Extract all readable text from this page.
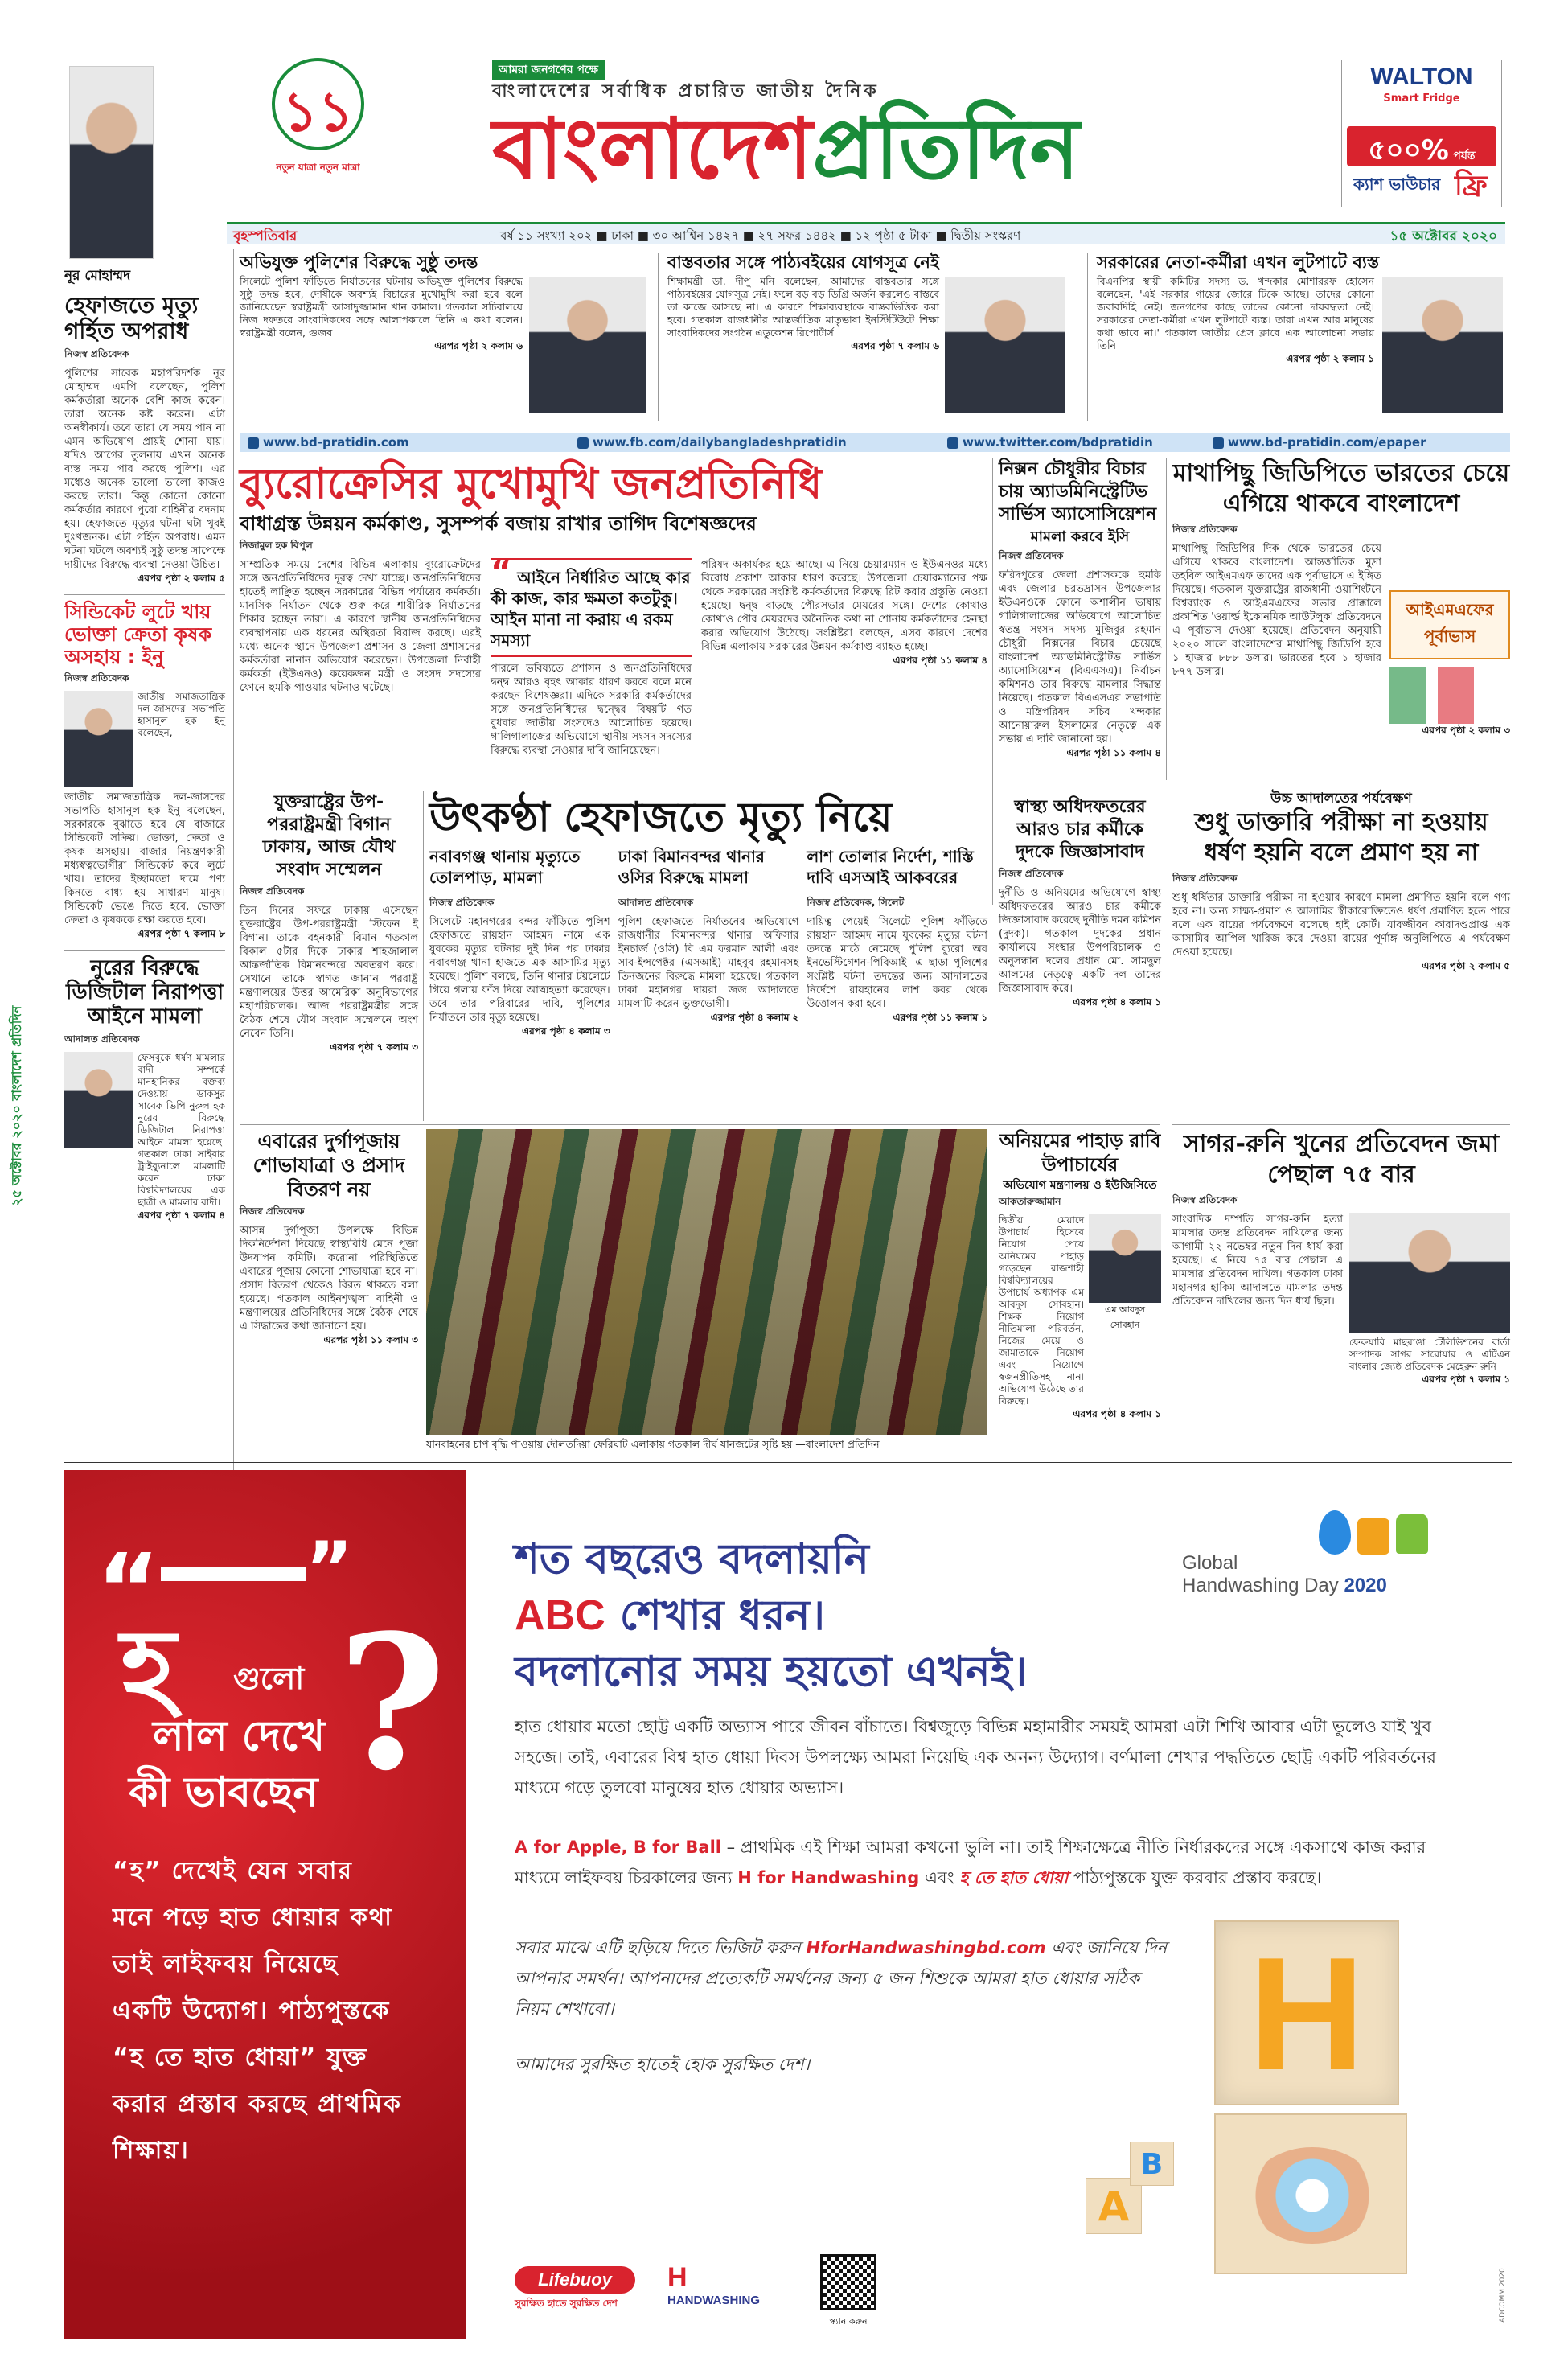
১১
নতুন যাত্রা নতুন মাত্রা
আমরা জনগণের পক্ষে
বাংলাদেশের সর্বাধিক প্রচারিত জাতীয় দৈনিক
বাংলাদেশপ্রতিদিন
WALTON
Smart Fridge
৫০০% পর্যন্ত
ক্যাশ ভাউচার ফ্রি
বৃহস্পতিবার	বর্ষ ১১ সংখ্যা ২০২ ■ ঢাকা ■ ৩০ আশ্বিন ১৪২৭ ■ ২৭ সফর ১৪৪২ ■ ১২ পৃষ্ঠা ৫ টাকা ■ দ্বিতীয় সংস্করণ	১৫ অক্টোবর ২০২০
নূর মোহাম্মদ
হেফাজতে মৃত্যু গর্হিত অপরাধ
নিজস্ব প্রতিবেদক

পুলিশের সাবেক মহাপরিদর্শক নূর মোহাম্মদ এমপি বলেছেন, পুলিশ কর্মকর্তারা অনেক বেশি কাজ করেন। তারা অনেক কষ্ট করেন। এটা অনস্বীকার্য। তবে তারা যে সময় পান না এমন অভিযোগ প্রায়ই শোনা যায়। যদিও আগের তুলনায় এখন অনেক ব্যস্ত সময় পার করছে পুলিশ। এর মধ্যেও অনেক ভালো ভালো কাজও করছে তারা। কিন্তু কোনো কোনো কর্মকর্তার কারণে পুরো বাহিনীর বদনাম হয়। হেফাজতে মৃত্যুর ঘটনা ঘটা খুবই দুঃখজনক। এটা গর্হিত অপরাধ। এমন ঘটনা ঘটলে অবশ্যই সুষ্ঠু তদন্ত সাপেক্ষে দায়ীদের বিরুদ্ধে ব্যবস্থা নেওয়া উচিত।

এরপর পৃষ্ঠা ২ কলাম ৫
সিন্ডিকেট লুটে খায় ভোক্তা ক্রেতা কৃষক অসহায় : ইনু
নিজস্ব প্রতিবেদক

জাতীয় সমাজতান্ত্রিক দল-জাসদের সভাপতি হাসানুল হক ইনু বলেছেন,

জাতীয় সমাজতান্ত্রিক দল-জাসদের সভাপতি হাসানুল হক ইনু বলেছেন, সরকারকে বুঝাতে হবে যে বাজারে সিন্ডিকেট সক্রিয়। ভোক্তা, ক্রেতা ও কৃষক অসহায়। বাজার নিয়ন্ত্রণকারী মধ্যস্বত্বভোগীরা সিন্ডিকেট করে লুটে খায়। তাদের ইচ্ছামতো দামে পণ্য কিনতে বাধ্য হয় সাধারণ মানুষ। সিন্ডিকেট ভেঙে দিতে হবে, ভোক্তা ক্রেতা ও কৃষককে রক্ষা করতে হবে।

এরপর পৃষ্ঠা ৭ কলাম ৮
নুরের বিরুদ্ধে ডিজিটাল নিরাপত্তা আইনে মামলা
আদালত প্রতিবেদক

ফেসবুকে ধর্ষণ মামলার বাদী সম্পর্কে মানহানিকর বক্তব্য দেওয়ায় ডাকসুর সাবেক ভিপি নুরুল হক নুরের বিরুদ্ধে ডিজিটাল নিরাপত্তা আইনে মামলা হয়েছে। গতকাল ঢাকা সাইবার ট্রাইব্যুনালে মামলাটি করেন ঢাকা বিশ্ববিদ্যালয়ের এক ছাত্রী ও মামলার বাদী।

এরপর পৃষ্ঠা ৭ কলাম ৪
২৫ অক্টোবর ২০২০ বাংলাদেশ প্রতিদিন
অভিযুক্ত পুলিশের বিরুদ্ধে সুষ্ঠু তদন্ত

সিলেটে পুলিশ ফাঁড়িতে নির্যাতনের ঘটনায় অভিযুক্ত পুলিশের বিরুদ্ধে সুষ্ঠু তদন্ত হবে, দোষীকে অবশ্যই বিচারের মুখোমুখি করা হবে বলে জানিয়েছেন স্বরাষ্ট্রমন্ত্রী আসাদুজ্জামান খান কামাল। গতকাল সচিবালয়ে নিজ দফতরে সাংবাদিকদের সঙ্গে আলাপকালে তিনি এ কথা বলেন। স্বরাষ্ট্রমন্ত্রী বলেন, গুজব

এরপর পৃষ্ঠা ২ কলাম ৬
বাস্তবতার সঙ্গে পাঠ্যবইয়ের যোগসূত্র নেই

শিক্ষামন্ত্রী ডা. দীপু মনি বলেছেন, আমাদের বাস্তবতার সঙ্গে পাঠ্যবইয়ের যোগসূত্র নেই। ফলে বড় বড় ডিগ্রি অর্জন করলেও বাস্তবে তা কাজে আসছে না। এ কারণে শিক্ষাব্যবস্থাকে বাস্তবভিত্তিক করা হবে। গতকাল রাজধানীর আন্তর্জাতিক মাতৃভাষা ইনস্টিটিউটে শিক্ষা সাংবাদিকদের সংগঠন এডুকেশন রিপোর্টার্স

এরপর পৃষ্ঠা ৭ কলাম ৬
সরকারের নেতা-কর্মীরা এখন লুটপাটে ব্যস্ত

বিএনপির স্থায়ী কমিটির সদস্য ড. খন্দকার মোশাররফ হোসেন বলেছেন, 'এই সরকার গায়ের জোরে টিকে আছে। তাদের কোনো জবাবদিহি নেই। জনগণের কাছে তাদের কোনো দায়বদ্ধতা নেই। সরকারের নেতা-কর্মীরা এখন লুটপাটে ব্যস্ত। তারা এখন আর মানুষের কথা ভাবে না।' গতকাল জাতীয় প্রেস ক্লাবে এক আলোচনা সভায় তিনি

এরপর পৃষ্ঠা ২ কলাম ১
www.bd-pratidin.com	www.fb.com/dailybangladeshpratidin	www.twitter.com/bdpratidin	www.bd-pratidin.com/epaper
ব্যুরোক্রেসির মুখোমুখি জনপ্রতিনিধি
বাধাগ্রস্ত উন্নয়ন কর্মকাণ্ড, সুসম্পর্ক বজায় রাখার তাগিদ বিশেষজ্ঞদের
নিজামুল হক বিপুল

সাম্প্রতিক সময়ে দেশের বিভিন্ন এলাকায় ব্যুরোক্রেটদের সঙ্গে জনপ্রতিনিধিদের দূরত্ব দেখা যাচ্ছে। জনপ্রতিনিধিদের হাতেই লাঞ্ছিত হচ্ছেন সরকারের বিভিন্ন পর্যায়ের কর্মকর্তা। মানসিক নির্যাতন থেকে শুরু করে শারীরিক নির্যাতনের শিকার হচ্ছেন তারা। এ কারণে স্থানীয় জনপ্রতিনিধিদের ব্যবস্থাপনায় এক ধরনের অস্থিরতা বিরাজ করছে। এরই মধ্যে অনেক স্থানে উপজেলা প্রশাসন ও জেলা প্রশাসনের কর্মকর্তারা নানান অভিযোগ করেছেন। উপজেলা নির্বাহী কর্মকর্তা (ইউএনও) কয়েকজন মন্ত্রী ও সংসদ সদস্যের ফোনে হুমকি পাওয়ার ঘটনাও ঘটেছে।

“ আইনে নির্ধারিত আছে কার কী কাজ, কার ক্ষমতা কতটুকু। আইন মানা না করায় এ রকম সমস্যা

পারলে ভবিষ্যতে প্রশাসন ও জনপ্রতিনিধিদের দ্বন্দ্ব আরও বৃহৎ আকার ধারণ করবে বলে মনে করছেন বিশেষজ্ঞরা। এদিকে সরকারি কর্মকর্তাদের সঙ্গে জনপ্রতিনিধিদের দ্বন্দ্বের বিষয়টি গত বুধবার জাতীয় সংসদেও আলোচিত হয়েছে। গালিগালাজের অভিযোগে স্থানীয় সংসদ সদস্যের বিরুদ্ধে ব্যবস্থা নেওয়ার দাবি জানিয়েছেন।

পরিষদ অকার্যকর হয়ে আছে। এ নিয়ে চেয়ারম্যান ও ইউএনওর মধ্যে বিরোধ প্রকাশ্য আকার ধারণ করেছে। উপজেলা চেয়ারম্যানের পক্ষ থেকে সরকারের সংশ্লিষ্ট কর্মকর্তাদের বিরুদ্ধে রিট করার প্রস্তুতি নেওয়া হয়েছে। দ্বন্দ্ব বাড়ছে পৌরসভার মেয়রের সঙ্গে। দেশের কোথাও কোথাও পৌর মেয়রদের অনৈতিক কথা না শোনায় কর্মকর্তাদের হেনস্থা করার অভিযোগ উঠেছে। সংশ্লিষ্টরা বলছেন, এসব কারণে দেশের বিভিন্ন এলাকায় সরকারের উন্নয়ন কর্মকাণ্ড ব্যাহত হচ্ছে।

এরপর পৃষ্ঠা ১১ কলাম ৪
নিক্সন চৌধুরীর বিচার চায় অ্যাডমিনিস্ট্রেটিভ সার্ভিস অ্যাসোসিয়েশন
মামলা করবে ইসি
নিজস্ব প্রতিবেদক

ফরিদপুরের জেলা প্রশাসককে হুমকি এবং জেলার চরভদ্রাসন উপজেলার ইউএনওকে ফোনে অশালীন ভাষায় গালিগালাজের অভিযোগে আলোচিত স্বতন্ত্র সংসদ সদস্য মুজিবুর রহমান চৌধুরী নিক্সনের বিচার চেয়েছে বাংলাদেশ অ্যাডমিনিস্ট্রেটিভ সার্ভিস অ্যাসোসিয়েশন (বিএএসএ)। নির্বাচন কমিশনও তার বিরুদ্ধে মামলার সিদ্ধান্ত নিয়েছে। গতকাল বিএএসএর সভাপতি ও মন্ত্রিপরিষদ সচিব খন্দকার আনোয়ারুল ইসলামের নেতৃত্বে এক সভায় এ দাবি জানানো হয়।

এরপর পৃষ্ঠা ১১ কলাম ৪
মাথাপিছু জিডিপিতে ভারতের চেয়ে এগিয়ে থাকবে বাংলাদেশ
নিজস্ব প্রতিবেদক

মাথাপিছু জিডিপির দিক থেকে ভারতের চেয়ে এগিয়ে থাকবে বাংলাদেশ। আন্তর্জাতিক মুদ্রা তহবিল আইএমএফ তাদের এক পূর্বাভাসে এ ইঙ্গিত দিয়েছে। গতকাল যুক্তরাষ্ট্রের রাজধানী ওয়াশিংটনে বিশ্বব্যাংক ও আইএমএফের সভার প্রাক্কালে প্রকাশিত 'ওয়ার্ল্ড ইকোনমিক আউটলুক' প্রতিবেদনে এ পূর্বাভাস দেওয়া হয়েছে। প্রতিবেদন অনুযায়ী ২০২০ সালে বাংলাদেশের মাথাপিছু জিডিপি হবে ১ হাজার ৮৮৮ ডলার। ভারতের হবে ১ হাজার ৮৭৭ ডলার।

আইএমএফের পূর্বাভাস
এরপর পৃষ্ঠা ২ কলাম ৩
যুক্তরাষ্ট্রের উপ-পররাষ্ট্রমন্ত্রী বিগান ঢাকায়, আজ যৌথ সংবাদ সম্মেলন
নিজস্ব প্রতিবেদক

তিন দিনের সফরে ঢাকায় এসেছেন যুক্তরাষ্ট্রের উপ-পররাষ্ট্রমন্ত্রী স্টিফেন ই বিগান। তাকে বহনকারী বিমান গতকাল বিকাল ৫টার দিকে ঢাকার শাহজালাল আন্তর্জাতিক বিমানবন্দরে অবতরণ করে। সেখানে তাকে স্বাগত জানান পররাষ্ট্র মন্ত্রণালয়ের উত্তর আমেরিকা অনুবিভাগের মহাপরিচালক। আজ পররাষ্ট্রমন্ত্রীর সঙ্গে বৈঠক শেষে যৌথ সংবাদ সম্মেলনে অংশ নেবেন তিনি।

এরপর পৃষ্ঠা ৭ কলাম ৩
উৎকণ্ঠা হেফাজতে মৃত্যু নিয়ে
নবাবগঞ্জ থানায় মৃত্যুতে তোলপাড়, মামলা
ঢাকা বিমানবন্দর থানার ওসির বিরুদ্ধে মামলা
লাশ তোলার নির্দেশ, শাস্তি দাবি এসআই আকবরের
নিজস্ব প্রতিবেদক

সিলেটে মহানগরের বন্দর ফাঁড়িতে পুলিশ হেফাজতে রায়হান আহমদ নামে এক যুবকের মৃত্যুর ঘটনার দুই দিন পর ঢাকার নবাবগঞ্জ থানা হাজতে এক আসামির মৃত্যু হয়েছে। পুলিশ বলছে, তিনি থানার টয়লেটে গিয়ে গলায় ফাঁস দিয়ে আত্মহত্যা করেছেন। তবে তার পরিবারের দাবি, পুলিশের নির্যাতনে তার মৃত্যু হয়েছে।

এরপর পৃষ্ঠা ৪ কলাম ৩
আদালত প্রতিবেদক

পুলিশ হেফাজতে নির্যাতনের অভিযোগে রাজধানীর বিমানবন্দর থানার অফিসার ইনচার্জ (ওসি) বি এম ফরমান আলী এবং সাব-ইন্সপেক্টর (এসআই) মাহবুব রহমানসহ তিনজনের বিরুদ্ধে মামলা হয়েছে। গতকাল ঢাকা মহানগর দায়রা জজ আদালতে মামলাটি করেন ভুক্তভোগী।

এরপর পৃষ্ঠা ৪ কলাম ২
নিজস্ব প্রতিবেদক, সিলেট

দায়িত্ব পেয়েই সিলেটে পুলিশ ফাঁড়িতে রায়হান আহমদ নামে যুবকের মৃত্যুর ঘটনা তদন্তে মাঠে নেমেছে পুলিশ ব্যুরো অব ইনভেস্টিগেশন-পিবিআই। এ ছাড়া পুলিশের সংশ্লিষ্ট ঘটনা তদন্তের জন্য আদালতের নির্দেশে রায়হানের লাশ কবর থেকে উত্তোলন করা হবে।

এরপর পৃষ্ঠা ১১ কলাম ১
স্বাস্থ্য অধিদফতরের আরও চার কর্মীকে দুদকে জিজ্ঞাসাবাদ
নিজস্ব প্রতিবেদক

দুর্নীতি ও অনিয়মের অভিযোগে স্বাস্থ্য অধিদফতরের আরও চার কর্মীকে জিজ্ঞাসাবাদ করেছে দুর্নীতি দমন কমিশন (দুদক)। গতকাল দুদকের প্রধান কার্যালয়ে সংস্থার উপপরিচালক ও অনুসন্ধান দলের প্রধান মো. সামছুল আলমের নেতৃত্বে একটি দল তাদের জিজ্ঞাসাবাদ করে।

এরপর পৃষ্ঠা ৪ কলাম ১
উচ্চ আদালতের পর্যবেক্ষণ
শুধু ডাক্তারি পরীক্ষা না হওয়ায় ধর্ষণ হয়নি বলে প্রমাণ হয় না
নিজস্ব প্রতিবেদক

শুধু ধর্ষিতার ডাক্তারি পরীক্ষা না হওয়ার কারণে মামলা প্রমাণিত হয়নি বলে গণ্য হবে না। অন্য সাক্ষ্য-প্রমাণ ও আসামির স্বীকারোক্তিতেও ধর্ষণ প্রমাণিত হতে পারে বলে এক রায়ের পর্যবেক্ষণে বলেছে হাই কোর্ট। যাবজ্জীবন কারাদণ্ডপ্রাপ্ত এক আসামির আপিল খারিজ করে দেওয়া রায়ের পূর্ণাঙ্গ অনুলিপিতে এ পর্যবেক্ষণ দেওয়া হয়েছে।

এরপর পৃষ্ঠা ২ কলাম ৫
এবারের দুর্গাপূজায় শোভাযাত্রা ও প্রসাদ বিতরণ নয়
নিজস্ব প্রতিবেদক

আসন্ন দুর্গাপূজা উপলক্ষে বিভিন্ন দিকনির্দেশনা দিয়েছে স্বাস্থ্যবিধি মেনে পূজা উদযাপন কমিটি। করোনা পরিস্থিতিতে এবারের পূজায় কোনো শোভাযাত্রা হবে না। প্রসাদ বিতরণ থেকেও বিরত থাকতে বলা হয়েছে। গতকাল আইনশৃঙ্খলা বাহিনী ও মন্ত্রণালয়ের প্রতিনিধিদের সঙ্গে বৈঠক শেষে এ সিদ্ধান্তের কথা জানানো হয়।

এরপর পৃষ্ঠা ১১ কলাম ৩
যানবাহনের চাপ বৃদ্ধি পাওয়ায় দৌলতদিয়া ফেরিঘাট এলাকায় গতকাল দীর্ঘ যানজটের সৃষ্টি হয় —বাংলাদেশ প্রতিদিন
অনিয়মের পাহাড় রাবি উপাচার্যের
অভিযোগ মন্ত্রণালয় ও ইউজিসিতে
আকতারুজ্জামান

দ্বিতীয় মেয়াদে উপাচার্য হিসেবে নিয়োগ পেয়ে অনিয়মের পাহাড় গড়েছেন রাজশাহী বিশ্ববিদ্যালয়ের উপাচার্য অধ্যাপক এম আবদুস সোবহান। শিক্ষক নিয়োগ নীতিমালা পরিবর্তন, নিজের মেয়ে ও জামাতাকে নিয়োগ এবং নিয়োগে স্বজনপ্রীতিসহ নানা অভিযোগ উঠেছে তার বিরুদ্ধে।

এম আবদুস সোবহান
এরপর পৃষ্ঠা ৪ কলাম ১
সাগর-রুনি খুনের প্রতিবেদন জমা পেছাল ৭৫ বার
নিজস্ব প্রতিবেদক

সাংবাদিক দম্পতি সাগর-রুনি হত্যা মামলার তদন্ত প্রতিবেদন দাখিলের জন্য আগামী ২২ নভেম্বর নতুন দিন ধার্য করা হয়েছে। এ নিয়ে ৭৫ বার পেছাল এ মামলার প্রতিবেদন দাখিল। গতকাল ঢাকা মহানগর হাকিম আদালতে মামলার তদন্ত প্রতিবেদন দাখিলের জন্য দিন ধার্য ছিল।

ফেব্রুয়ারি মাছরাঙা টেলিভিশনের বার্তা সম্পাদক সাগর সারোয়ার ও এটিএন বাংলার জ্যেষ্ঠ প্রতিবেদক মেহেরুন রুনি

এরপর পৃষ্ঠা ৭ কলাম ১
“ ”
হ গুলো
লাল দেখে
কী ভাবছেন ?
“হ” দেখেই যেন সবার মনে পড়ে হাত ধোয়ার কথা তাই লাইফবয় নিয়েছে একটি উদ্যোগ। পাঠ্যপুস্তকে “হ তে হাত ধোয়া” যুক্ত করার প্রস্তাব করছে প্রাথমিক শিক্ষায়।
শত বছরেও বদলায়নি
ABC শেখার ধরন।
বদলানোর সময় হয়তো এখনই।
Global
Handwashing Day 2020
হাত ধোয়ার মতো ছোট্ট একটি অভ্যাস পারে জীবন বাঁচাতে। বিশ্বজুড়ে বিভিন্ন মহামারীর সময়ই আমরা এটা শিখি আবার এটা ভুলেও যাই খুব সহজে। তাই, এবারের বিশ্ব হাত ধোয়া দিবস উপলক্ষ্যে আমরা নিয়েছি এক অনন্য উদ্যোগ। বর্ণমালা শেখার পদ্ধতিতে ছোট্ট একটি পরিবর্তনের মাধ্যমে গড়ে তুলবো মানুষের হাত ধোয়ার অভ্যাস।
A for Apple, B for Ball – প্রাথমিক এই শিক্ষা আমরা কখনো ভুলি না। তাই শিক্ষাক্ষেত্রে নীতি নির্ধারকদের সঙ্গে একসাথে কাজ করার মাধ্যমে লাইফবয় চিরকালের জন্য H for Handwashing এবং হ তে হাত ধোয়া পাঠ্যপুস্তকে যুক্ত করবার প্রস্তাব করছে।
সবার মাঝে এটি ছড়িয়ে দিতে ভিজিট করুন HforHandwashingbd.com এবং জানিয়ে দিন আপনার সমর্থন। আপনাদের প্রত্যেকটি সমর্থনের জন্য ৫ জন শিশুকে আমরা হাত ধোয়ার সঠিক নিয়ম শেখাবো।
আমাদের সুরক্ষিত হাতেই হোক সুরক্ষিত দেশ।	H
A
B
Lifebuoy
সুরক্ষিত হাতে সুরক্ষিত দেশ
H
HANDWASHING
স্ক্যান করুন	ADCOMM 2020
